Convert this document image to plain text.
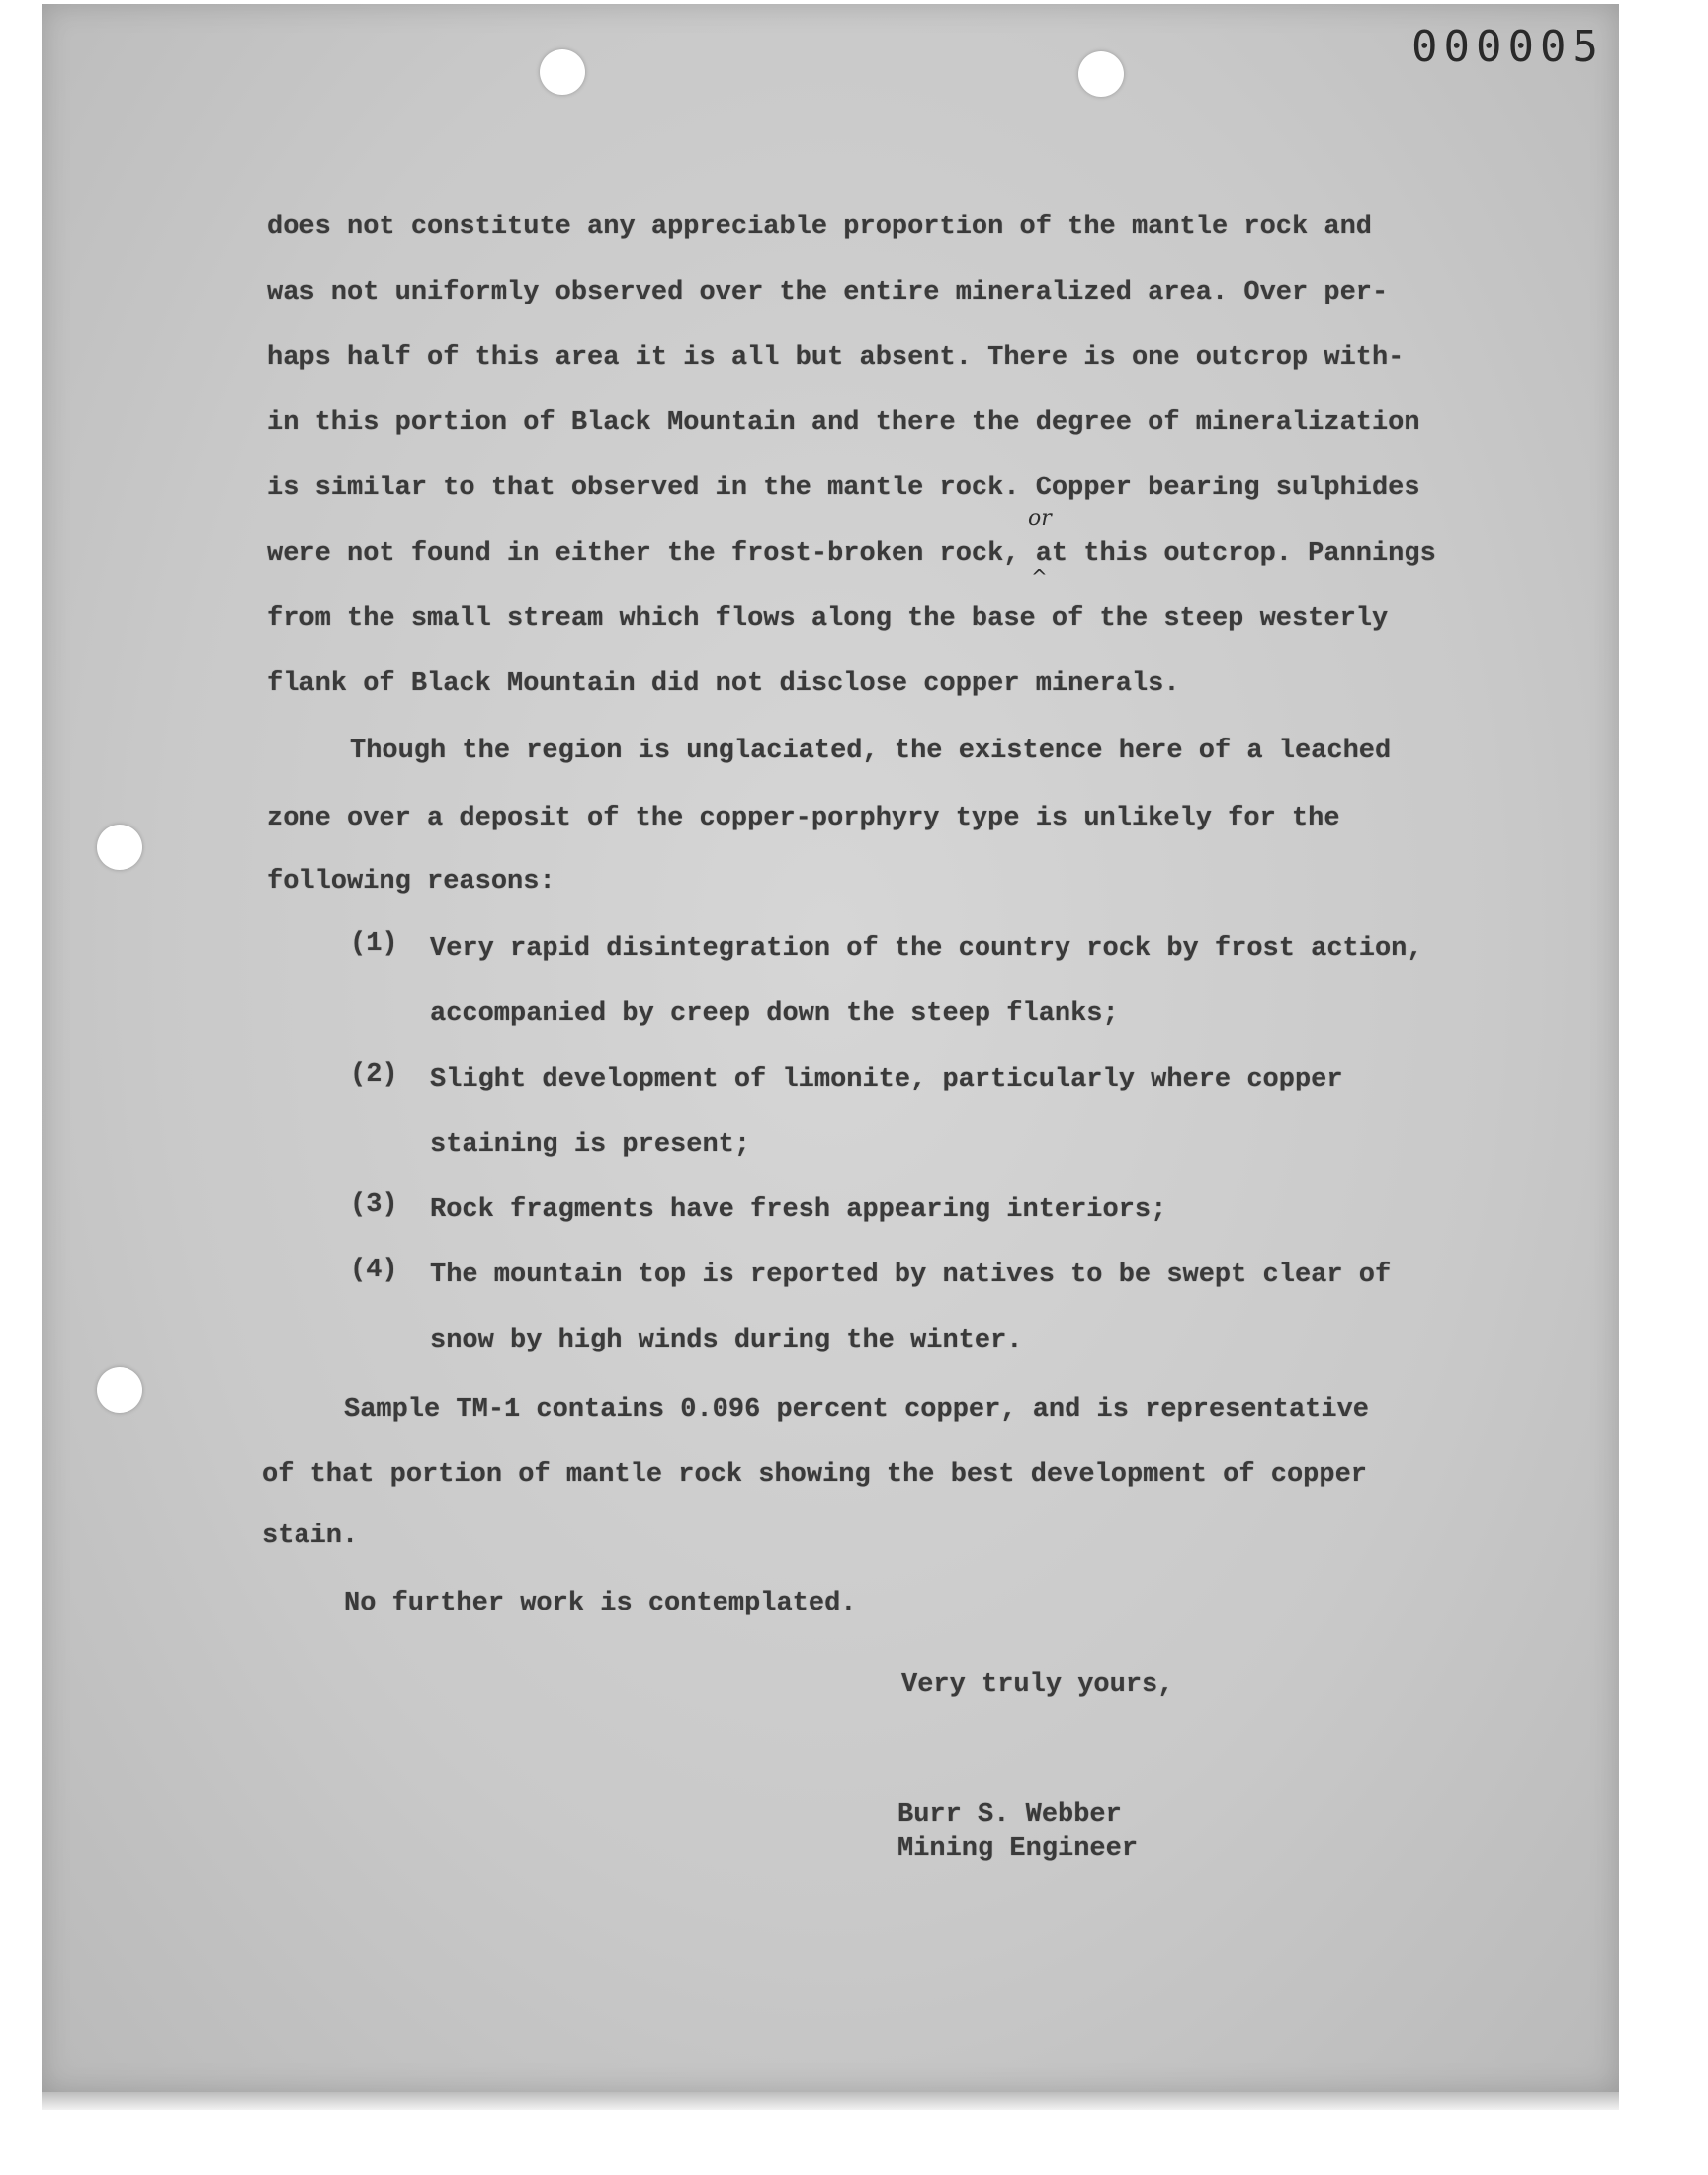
000005
does not constitute any appreciable proportion of the mantle rock and
was not uniformly observed over the entire mineralized area. Over per-
haps half of this area it is all but absent. There is one outcrop with-
in this portion of Black Mountain and there the degree of mineralization
is similar to that observed in the mantle rock. Copper bearing sulphides
were not found in either the frost-broken rock, at this outcrop. Pannings
from the small stream which flows along the base of the steep westerly
flank of Black Mountain did not disclose copper minerals.
or
^
Though the region is unglaciated, the existence here of a leached
zone over a deposit of the copper-porphyry type is unlikely for the
following reasons:
(1) Very rapid disintegration of the country rock by frost action,
accompanied by creep down the steep flanks;
(2) Slight development of limonite, particularly where copper
staining is present;
(3) Rock fragments have fresh appearing interiors;
(4) The mountain top is reported by natives to be swept clear of
snow by high winds during the winter.
Sample TM-1 contains 0.096 percent copper, and is representative
of that portion of mantle rock showing the best development of copper
stain.
No further work is contemplated.
Very truly yours,
Burr S. Webber
Mining Engineer
